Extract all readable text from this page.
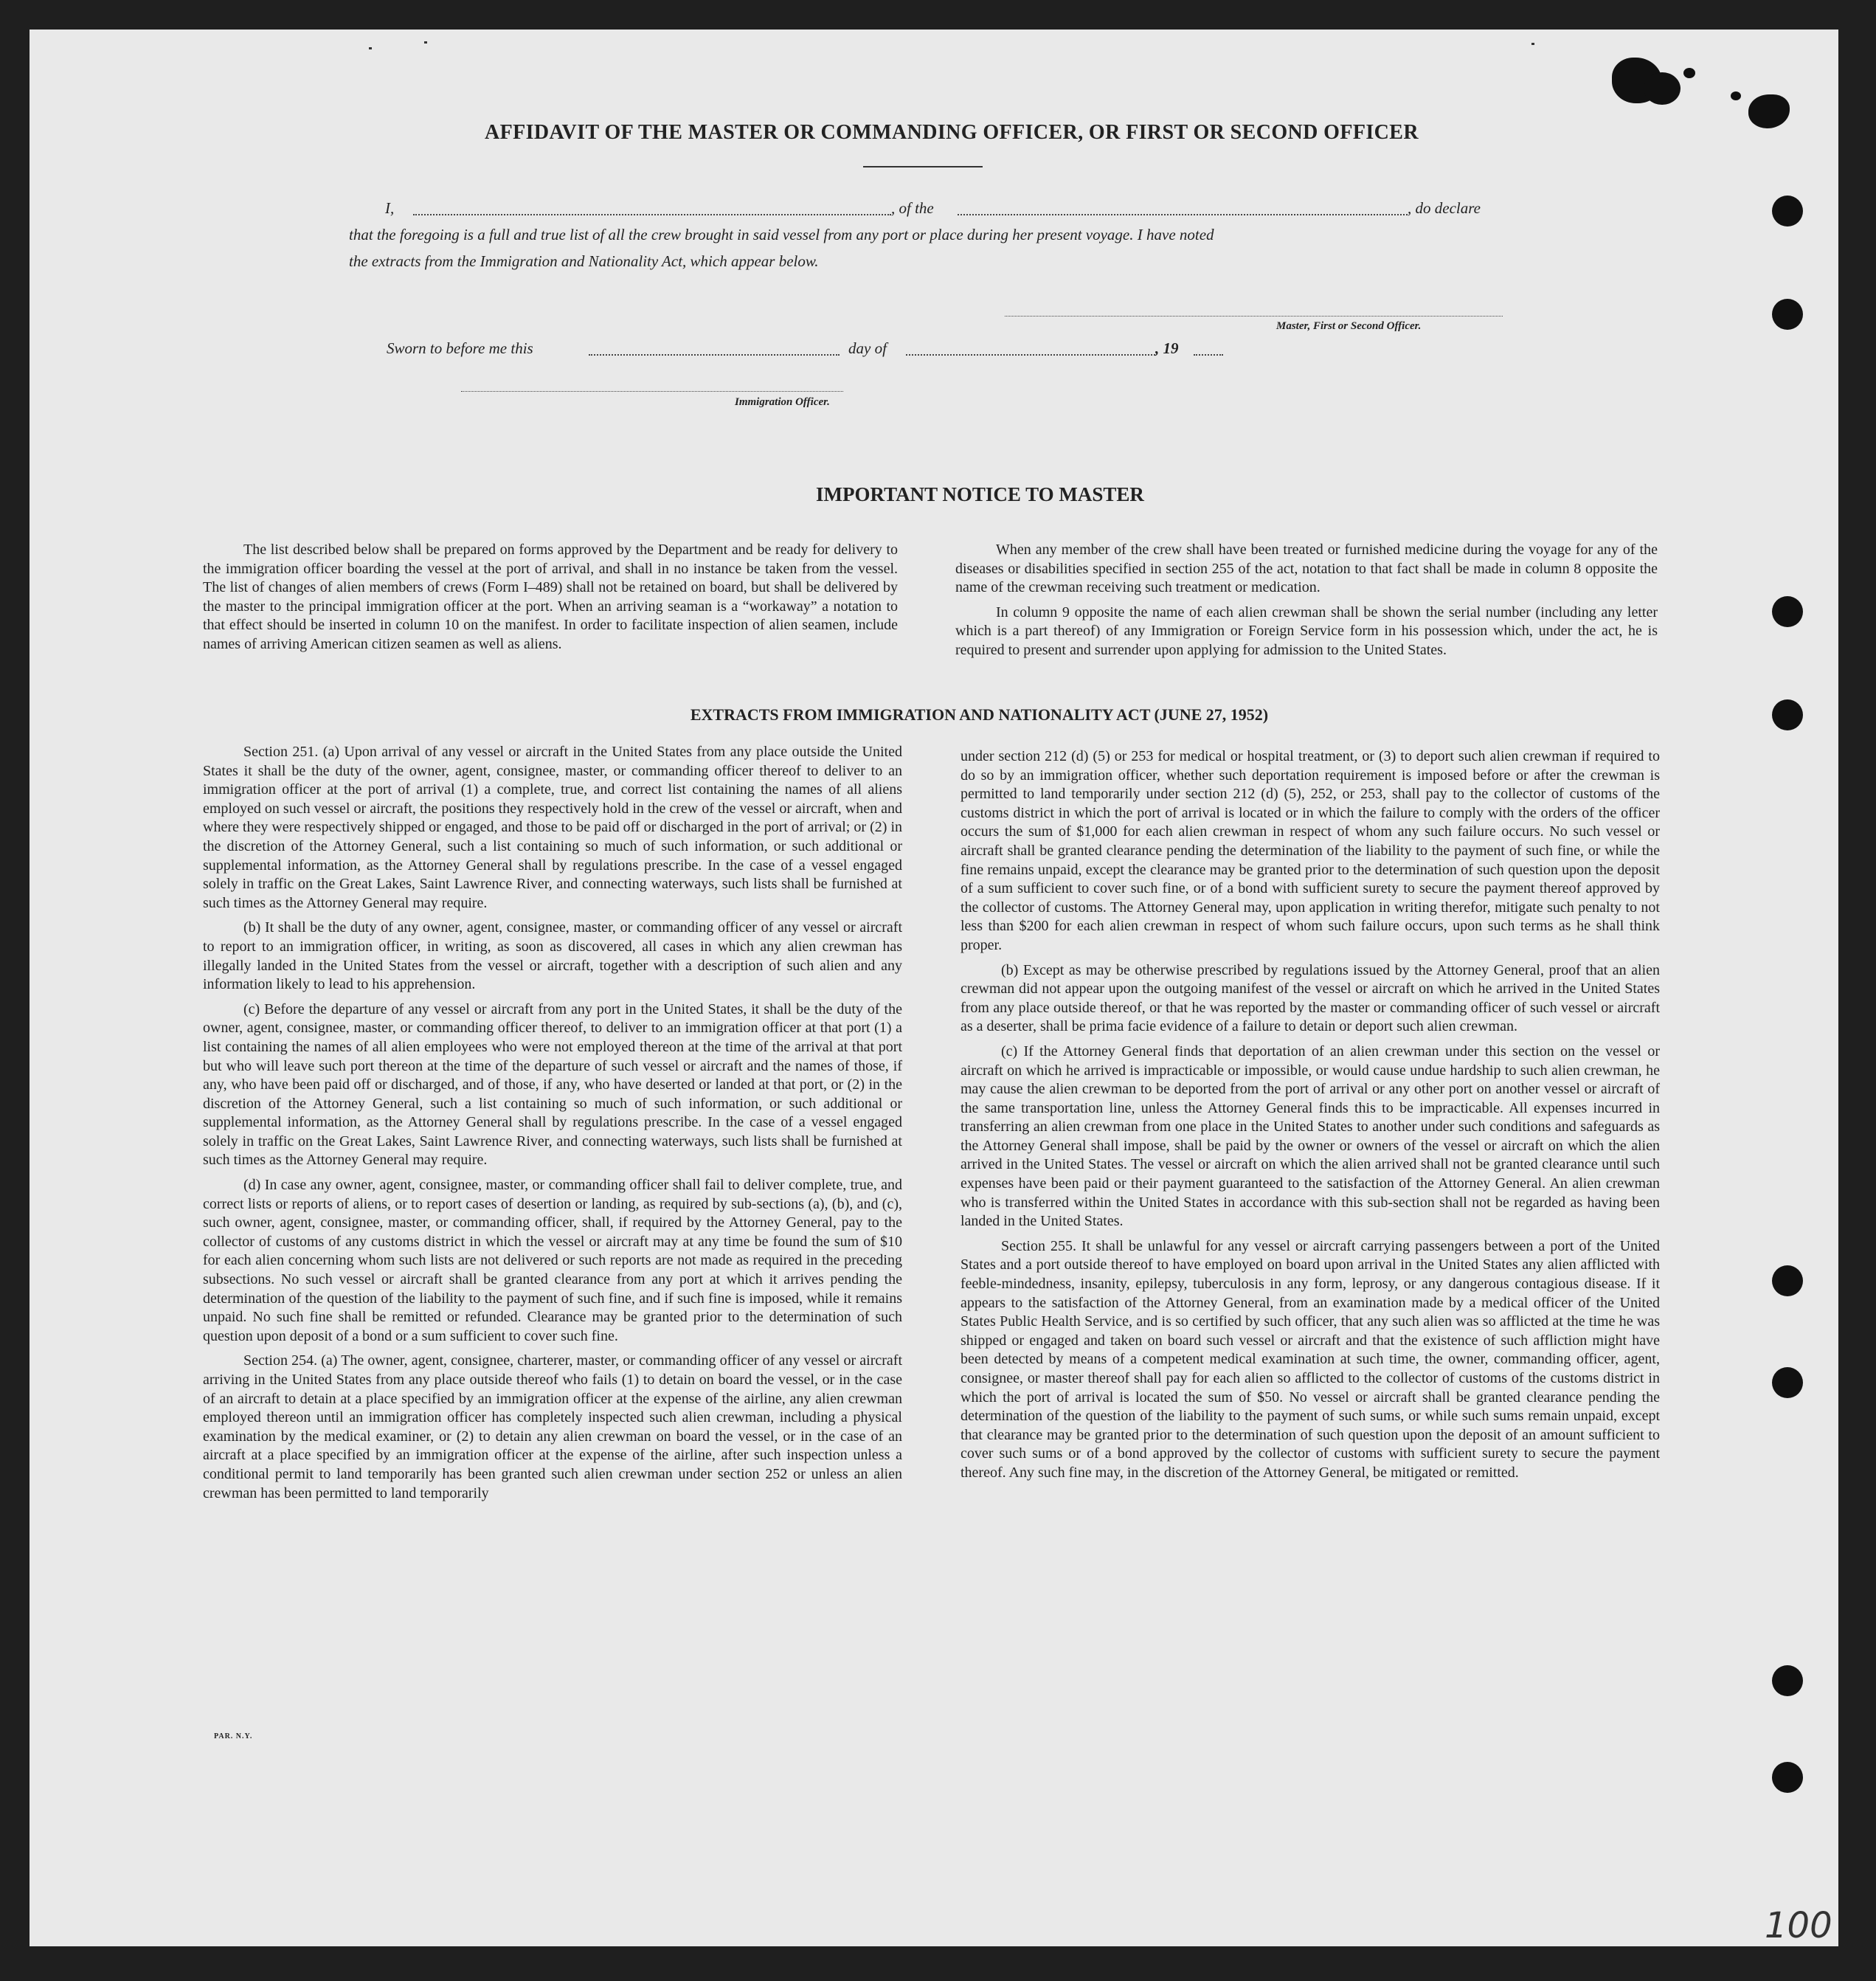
AFFIDAVIT OF THE MASTER OR COMMANDING OFFICER, OR FIRST OR SECOND OFFICER
I,	, of the	, do declare
that the foregoing is a full and true list of all the crew brought in said vessel from any port or place during her present voyage. I have noted
the extracts from the Immigration and Nationality Act, which appear below.
Master, First or Second Officer.
Sworn to before me this	day of	, 19
Immigration Officer.
IMPORTANT NOTICE TO MASTER

The list described below shall be prepared on forms approved by the Department and be ready for delivery to the immigration officer boarding the vessel at the port of arrival, and shall in no instance be taken from the vessel. The list of changes of alien members of crews (Form I–489) shall not be retained on board, but shall be delivered by the master to the principal immigration officer at the port. When an arriving seaman is a “workaway” a notation to that effect should be inserted in column 10 on the manifest. In order to facilitate inspection of alien seamen, include names of arriving American citizen seamen as well as aliens.

When any member of the crew shall have been treated or furnished medicine during the voyage for any of the diseases or disabilities specified in section 255 of the act, notation to that fact shall be made in column 8 opposite the name of the crewman receiving such treatment or medication.

In column 9 opposite the name of each alien crewman shall be shown the serial number (including any letter which is a part thereof) of any Immigration or Foreign Service form in his possession which, under the act, he is required to present and surrender upon applying for admission to the United States.

EXTRACTS FROM IMMIGRATION AND NATIONALITY ACT (JUNE 27, 1952)

Section 251. (a) Upon arrival of any vessel or aircraft in the United States from any place outside the United States it shall be the duty of the owner, agent, consignee, master, or commanding officer thereof to deliver to an immigration officer at the port of arrival (1) a complete, true, and correct list containing the names of all aliens employed on such vessel or aircraft, the positions they respectively hold in the crew of the vessel or aircraft, when and where they were respectively shipped or engaged, and those to be paid off or discharged in the port of arrival; or (2) in the discretion of the Attorney General, such a list containing so much of such information, or such additional or supplemental information, as the Attorney General shall by regulations prescribe. In the case of a vessel engaged solely in traffic on the Great Lakes, Saint Lawrence River, and connecting waterways, such lists shall be furnished at such times as the Attorney General may require.

(b) It shall be the duty of any owner, agent, consignee, master, or commanding officer of any vessel or aircraft to report to an immigration officer, in writing, as soon as discovered, all cases in which any alien crewman has illegally landed in the United States from the vessel or aircraft, together with a description of such alien and any information likely to lead to his apprehension.

(c) Before the departure of any vessel or aircraft from any port in the United States, it shall be the duty of the owner, agent, consignee, master, or commanding officer thereof, to deliver to an immigration officer at that port (1) a list containing the names of all alien employees who were not employed thereon at the time of the arrival at that port but who will leave such port thereon at the time of the departure of such vessel or aircraft and the names of those, if any, who have been paid off or discharged, and of those, if any, who have deserted or landed at that port, or (2) in the discretion of the Attorney General, such a list containing so much of such information, or such additional or supplemental information, as the Attorney General shall by regulations prescribe. In the case of a vessel engaged solely in traffic on the Great Lakes, Saint Lawrence River, and connecting waterways, such lists shall be furnished at such times as the Attorney General may require.

(d) In case any owner, agent, consignee, master, or commanding officer shall fail to deliver complete, true, and correct lists or reports of aliens, or to report cases of desertion or landing, as required by sub-sections (a), (b), and (c), such owner, agent, consignee, master, or commanding officer, shall, if required by the Attorney General, pay to the collector of customs of any customs district in which the vessel or aircraft may at any time be found the sum of $10 for each alien concerning whom such lists are not delivered or such reports are not made as required in the preceding subsections. No such vessel or aircraft shall be granted clearance from any port at which it arrives pending the determination of the question of the liability to the payment of such fine, and if such fine is imposed, while it remains unpaid. No such fine shall be remitted or refunded. Clearance may be granted prior to the determination of such question upon deposit of a bond or a sum sufficient to cover such fine.

Section 254. (a) The owner, agent, consignee, charterer, master, or commanding officer of any vessel or aircraft arriving in the United States from any place outside thereof who fails (1) to detain on board the vessel, or in the case of an aircraft to detain at a place specified by an immigration officer at the expense of the airline, any alien crewman employed thereon until an immigration officer has completely inspected such alien crewman, including a physical examination by the medical examiner, or (2) to detain any alien crewman on board the vessel, or in the case of an aircraft at a place specified by an immigration officer at the expense of the airline, after such inspection unless a conditional permit to land temporarily has been granted such alien crewman under section 252 or unless an alien crewman has been permitted to land temporarily

under section 212 (d) (5) or 253 for medical or hospital treatment, or (3) to deport such alien crewman if required to do so by an immigration officer, whether such deportation requirement is imposed before or after the crewman is permitted to land temporarily under section 212 (d) (5), 252, or 253, shall pay to the collector of customs of the customs district in which the port of arrival is located or in which the failure to comply with the orders of the officer occurs the sum of $1,000 for each alien crewman in respect of whom any such failure occurs. No such vessel or aircraft shall be granted clearance pending the determination of the liability to the payment of such fine, or while the fine remains unpaid, except the clearance may be granted prior to the determination of such question upon the deposit of a sum sufficient to cover such fine, or of a bond with sufficient surety to secure the payment thereof approved by the collector of customs. The Attorney General may, upon application in writing therefor, mitigate such penalty to not less than $200 for each alien crewman in respect of whom such failure occurs, upon such terms as he shall think proper.

(b) Except as may be otherwise prescribed by regulations issued by the Attorney General, proof that an alien crewman did not appear upon the outgoing manifest of the vessel or aircraft on which he arrived in the United States from any place outside thereof, or that he was reported by the master or commanding officer of such vessel or aircraft as a deserter, shall be prima facie evidence of a failure to detain or deport such alien crewman.

(c) If the Attorney General finds that deportation of an alien crewman under this section on the vessel or aircraft on which he arrived is impracticable or impossible, or would cause undue hardship to such alien crewman, he may cause the alien crewman to be deported from the port of arrival or any other port on another vessel or aircraft of the same transportation line, unless the Attorney General finds this to be impracticable. All expenses incurred in transferring an alien crewman from one place in the United States to another under such conditions and safeguards as the Attorney General shall impose, shall be paid by the owner or owners of the vessel or aircraft on which the alien arrived in the United States. The vessel or aircraft on which the alien arrived shall not be granted clearance until such expenses have been paid or their payment guaranteed to the satisfaction of the Attorney General. An alien crewman who is transferred within the United States in accordance with this sub-section shall not be regarded as having been landed in the United States.

Section 255. It shall be unlawful for any vessel or aircraft carrying passengers between a port of the United States and a port outside thereof to have employed on board upon arrival in the United States any alien afflicted with feeble-mindedness, insanity, epilepsy, tuberculosis in any form, leprosy, or any dangerous contagious disease. If it appears to the satisfaction of the Attorney General, from an examination made by a medical officer of the United States Public Health Service, and is so certified by such officer, that any such alien was so afflicted at the time he was shipped or engaged and taken on board such vessel or aircraft and that the existence of such affliction might have been detected by means of a competent medical examination at such time, the owner, commanding officer, agent, consignee, or master thereof shall pay for each alien so afflicted to the collector of customs of the customs district in which the port of arrival is located the sum of $50. No vessel or aircraft shall be granted clearance pending the determination of the question of the liability to the payment of such sums, or while such sums remain unpaid, except that clearance may be granted prior to the determination of such question upon the deposit of an amount sufficient to cover such sums or of a bond approved by the collector of customs with sufficient surety to secure the payment thereof. Any such fine may, in the discretion of the Attorney General, be mitigated or remitted.

PAR. N.Y.
100
